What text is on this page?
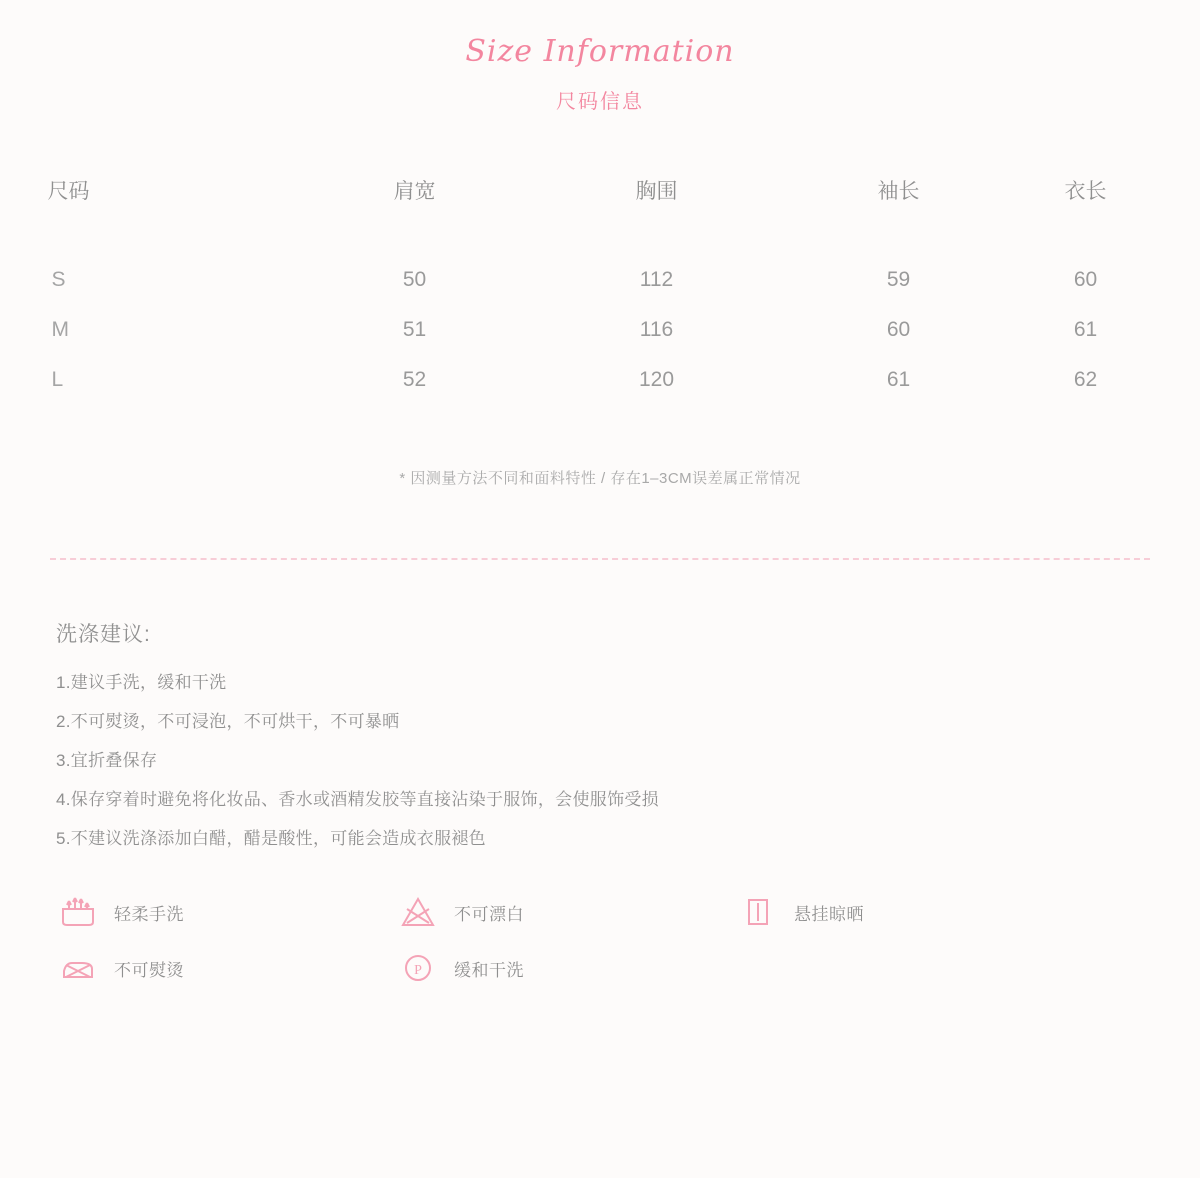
Size Information
尺码信息
尺码	肩宽	胸围	袖长	衣长
S	50	112	59	60
M	51	116	60	61
L	52	120	61	62
* 因测量方法不同和面料特性 / 存在1–3CM误差属正常情况
洗涤建议:
1.建议手洗，缓和干洗
2.不可熨烫，不可浸泡，不可烘干，不可暴晒
3.宜折叠保存
4.保存穿着时避免将化妆品、香水或酒精发胶等直接沾染于服饰，会使服饰受损
5.不建议洗涤添加白醋，醋是酸性，可能会造成衣服褪色
轻柔手洗	不可漂白	悬挂晾晒
不可熨烫	P 缓和干洗
